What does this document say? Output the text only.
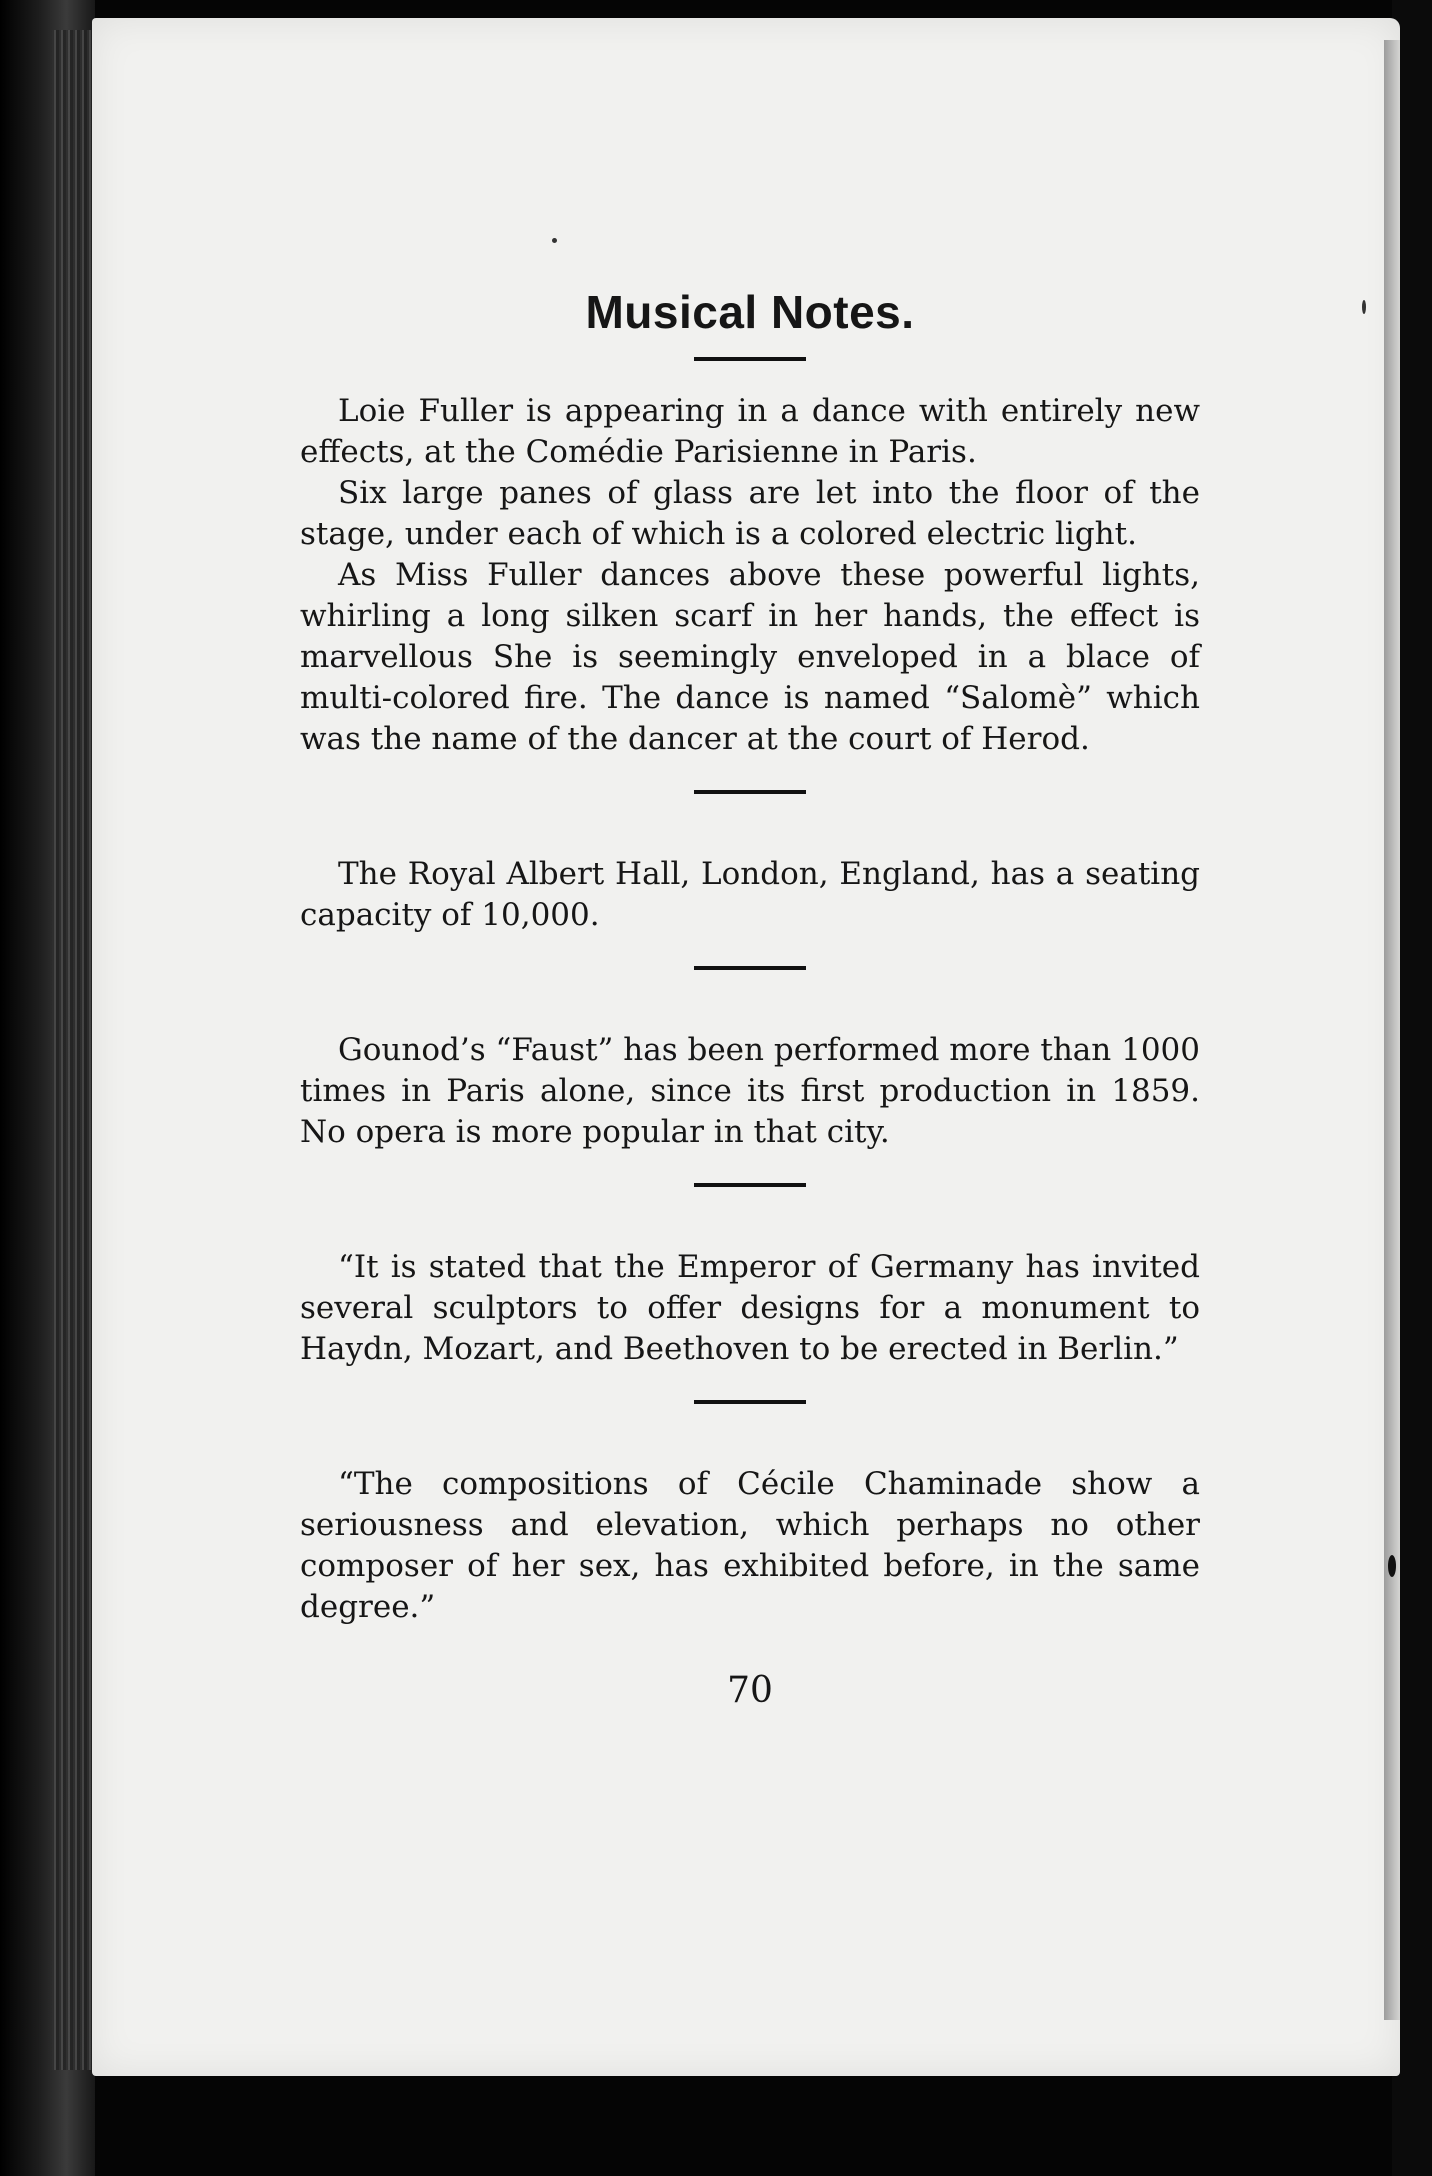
Musical Notes.

Loie Fuller is appearing in a dance with entirely new effects, at the Comédie Parisienne in Paris.

Six large panes of glass are let into the floor of the stage, under each of which is a colored electric light.

As Miss Fuller dances above these powerful lights, whirling a long silken scarf in her hands, the effect is marvellous She is seemingly enveloped in a blace of multi-colored fire. The dance is named “Salomè” which was the name of the dancer at the court of Herod.

The Royal Albert Hall, London, England, has a seating capacity of 10,000.

Gounod’s “Faust” has been performed more than 1000 times in Paris alone, since its first production in 1859. No opera is more popular in that city.

“It is stated that the Emperor of Germany has invited several sculptors to offer designs for a monument to Haydn, Mozart, and Beethoven to be erected in Berlin.”

“The compositions of Cécile Chaminade show a seriousness and elevation, which perhaps no other composer of her sex, has exhibited before, in the same degree.”

70
